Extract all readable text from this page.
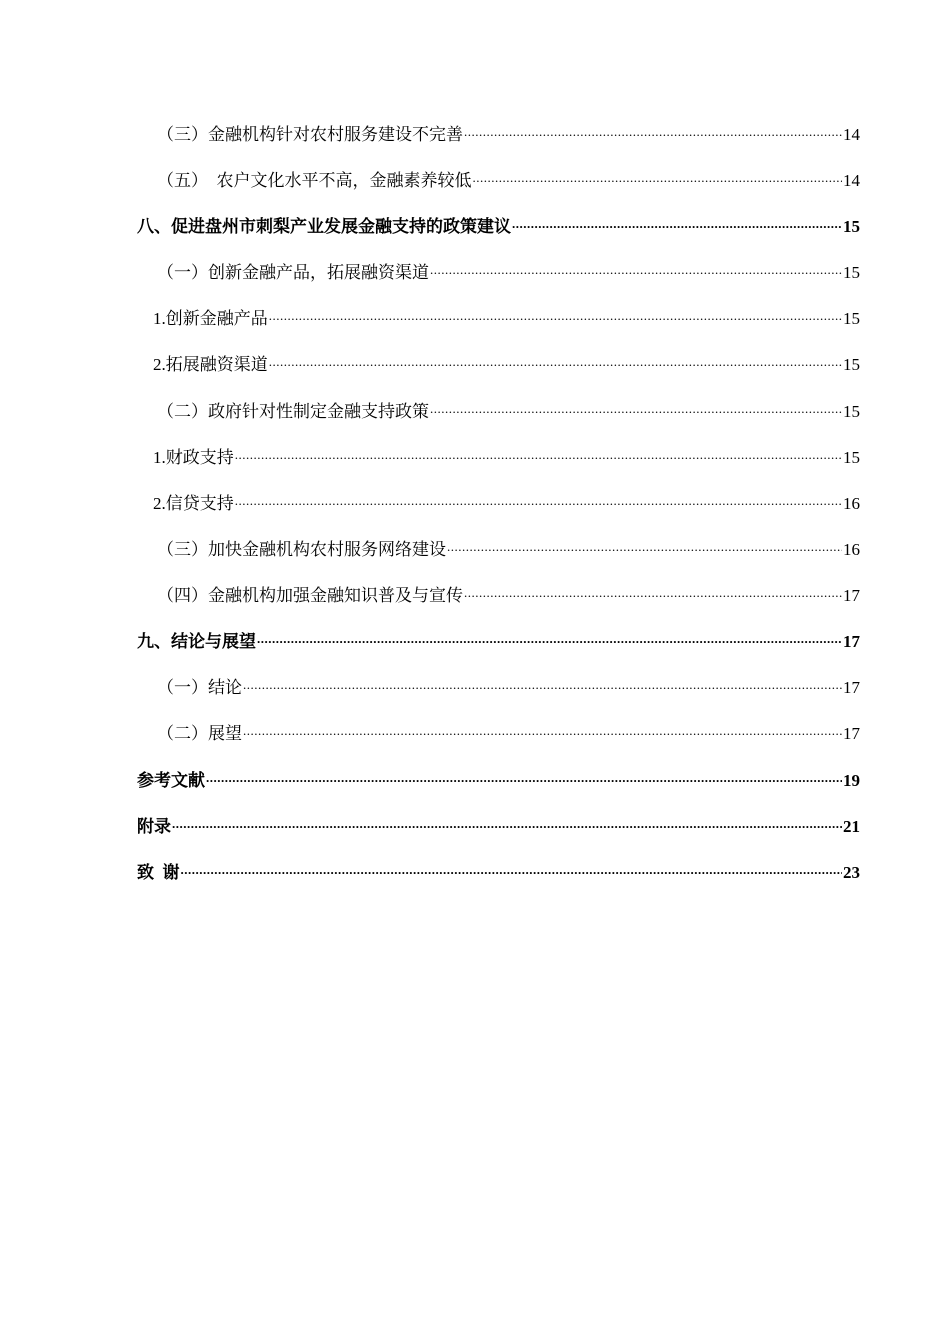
（三）金融机构针对农村服务建设不完善 .....	14
（五）  农户文化水平不高，金融素养较低 .....	14
八、促进盘州市刺梨产业发展金融支持的政策建议 .....	15
（一）创新金融产品，拓展融资渠道 .....	15
1.创新金融产品 .....	15
2.拓展融资渠道 .....	15
（二）政府针对性制定金融支持政策 .....	15
1.财政支持 .....	15
2.信贷支持 .....	16
（三）加快金融机构农村服务网络建设 .....	16
（四）金融机构加强金融知识普及与宣传 .....	17
九、结论与展望 .....	17
（一）结论 .....	17
（二）展望 .....	17
参考文献 .....	19
附录 .....	21
致  谢 .....	23
